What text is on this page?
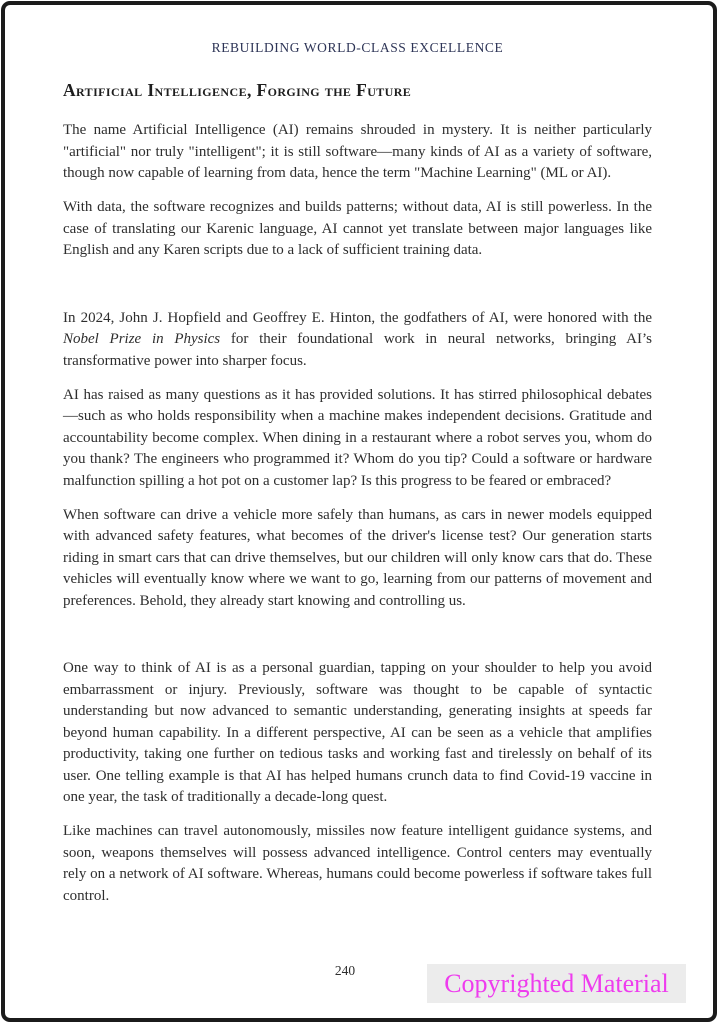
REBUILDING WORLD-CLASS EXCELLENCE
Artificial Intelligence, Forging the Future

The name Artificial Intelligence (AI) remains shrouded in mystery. It is neither particularly "artificial" nor truly "intelligent"; it is still software—many kinds of AI as a variety of software, though now capable of learning from data, hence the term "Machine Learning" (ML or AI).

With data, the software recognizes and builds patterns; without data, AI is still powerless. In the case of translating our Karenic language, AI cannot yet translate between major languages like English and any Karen scripts due to a lack of sufficient training data.

In 2024, John J. Hopfield and Geoffrey E. Hinton, the godfathers of AI, were honored with the Nobel Prize in Physics for their foundational work in neural networks, bringing AI’s transformative power into sharper focus.

AI has raised as many questions as it has provided solutions. It has stirred philosophical debates—such as who holds responsibility when a machine makes independent decisions. Gratitude and accountability become complex. When dining in a restaurant where a robot serves you, whom do you thank? The engineers who programmed it? Whom do you tip? Could a software or hardware malfunction spilling a hot pot on a customer lap? Is this progress to be feared or embraced?

When software can drive a vehicle more safely than humans, as cars in newer models equipped with advanced safety features, what becomes of the driver's license test? Our generation starts riding in smart cars that can drive themselves, but our children will only know cars that do. These vehicles will eventually know where we want to go, learning from our patterns of movement and preferences. Behold, they already start knowing and controlling us.

One way to think of AI is as a personal guardian, tapping on your shoulder to help you avoid embarrassment or injury. Previously, software was thought to be capable of syntactic understanding but now advanced to semantic understanding, generating insights at speeds far beyond human capability. In a different perspective, AI can be seen as a vehicle that amplifies productivity, taking one further on tedious tasks and working fast and tirelessly on behalf of its user. One telling example is that AI has helped humans crunch data to find Covid-19 vaccine in one year, the task of traditionally a decade-long quest.

Like machines can travel autonomously, missiles now feature intelligent guidance systems, and soon, weapons themselves will possess advanced intelligence. Control centers may eventually rely on a network of AI software. Whereas, humans could become powerless if software takes full control.

240	Copyrighted Material
